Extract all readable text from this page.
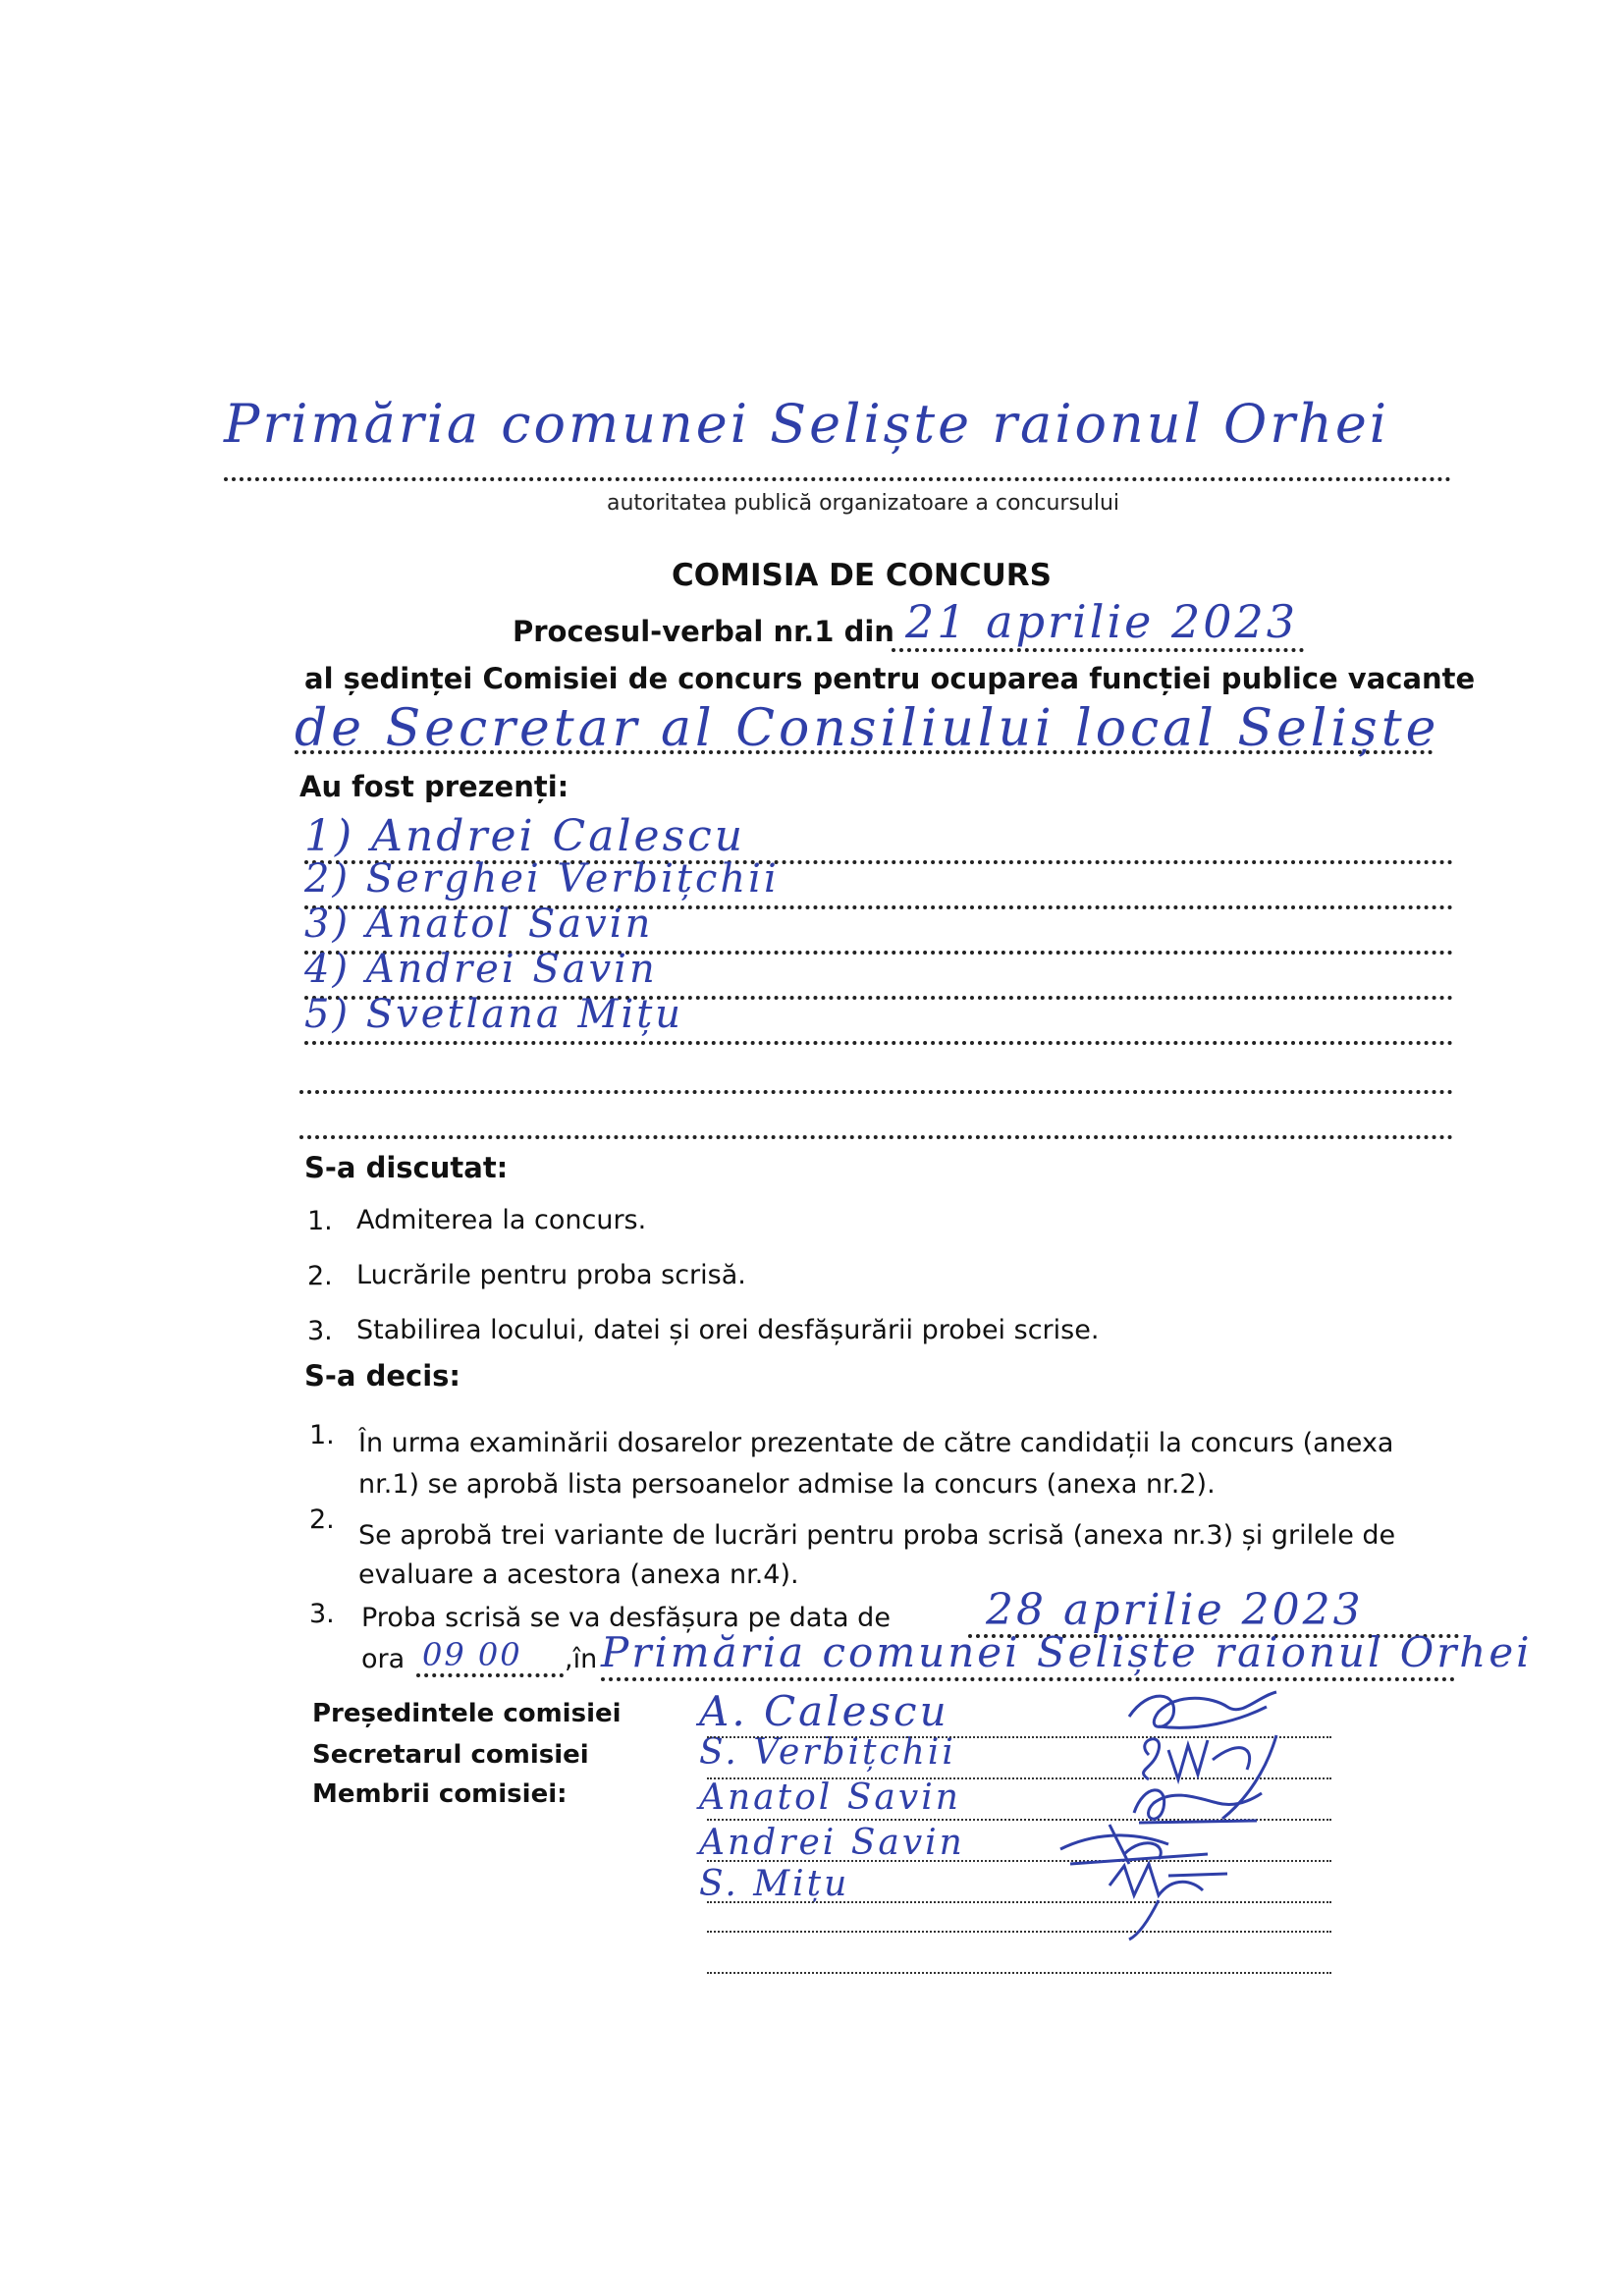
Primăria comunei Seliște raionul Orhei
autoritatea publică organizatoare a concursului
COMISIA DE CONCURS
Procesul-verbal nr.1 din 21 aprilie 2023
al ședinței Comisiei de concurs pentru ocuparea funcției publice vacante
de Secretar al Consiliului local Seliște
Au fost prezenți:
1) Andrei Calescu
2) Serghei Verbițchii
3) Anatol Savin
4) Andrei Savin
5) Svetlana Mițu
S-a discutat:
1. Admiterea la concurs.
2. Lucrările pentru proba scrisă.
3. Stabilirea locului, datei și orei desfășurării probei scrise.
S-a decis:
1. În urma examinării dosarelor prezentate de către candidații la concurs (anexa
nr.1) se aprobă lista persoanelor admise la concurs (anexa nr.2).
2.
Se aprobă trei variante de lucrări pentru proba scrisă (anexa nr.3) și grilele de
evaluare a acestora (anexa nr.4).
3. Proba scrisă se va desfășura pe data de 28 aprilie 2023
ora 09 00 ,în Primăria comunei Seliște raionul Orhei
Președintele comisiei
Secretarul comisiei
Membrii comisiei:
A. Calescu
S. Verbițchii
Anatol Savin
Andrei Savin
S. Mițu
